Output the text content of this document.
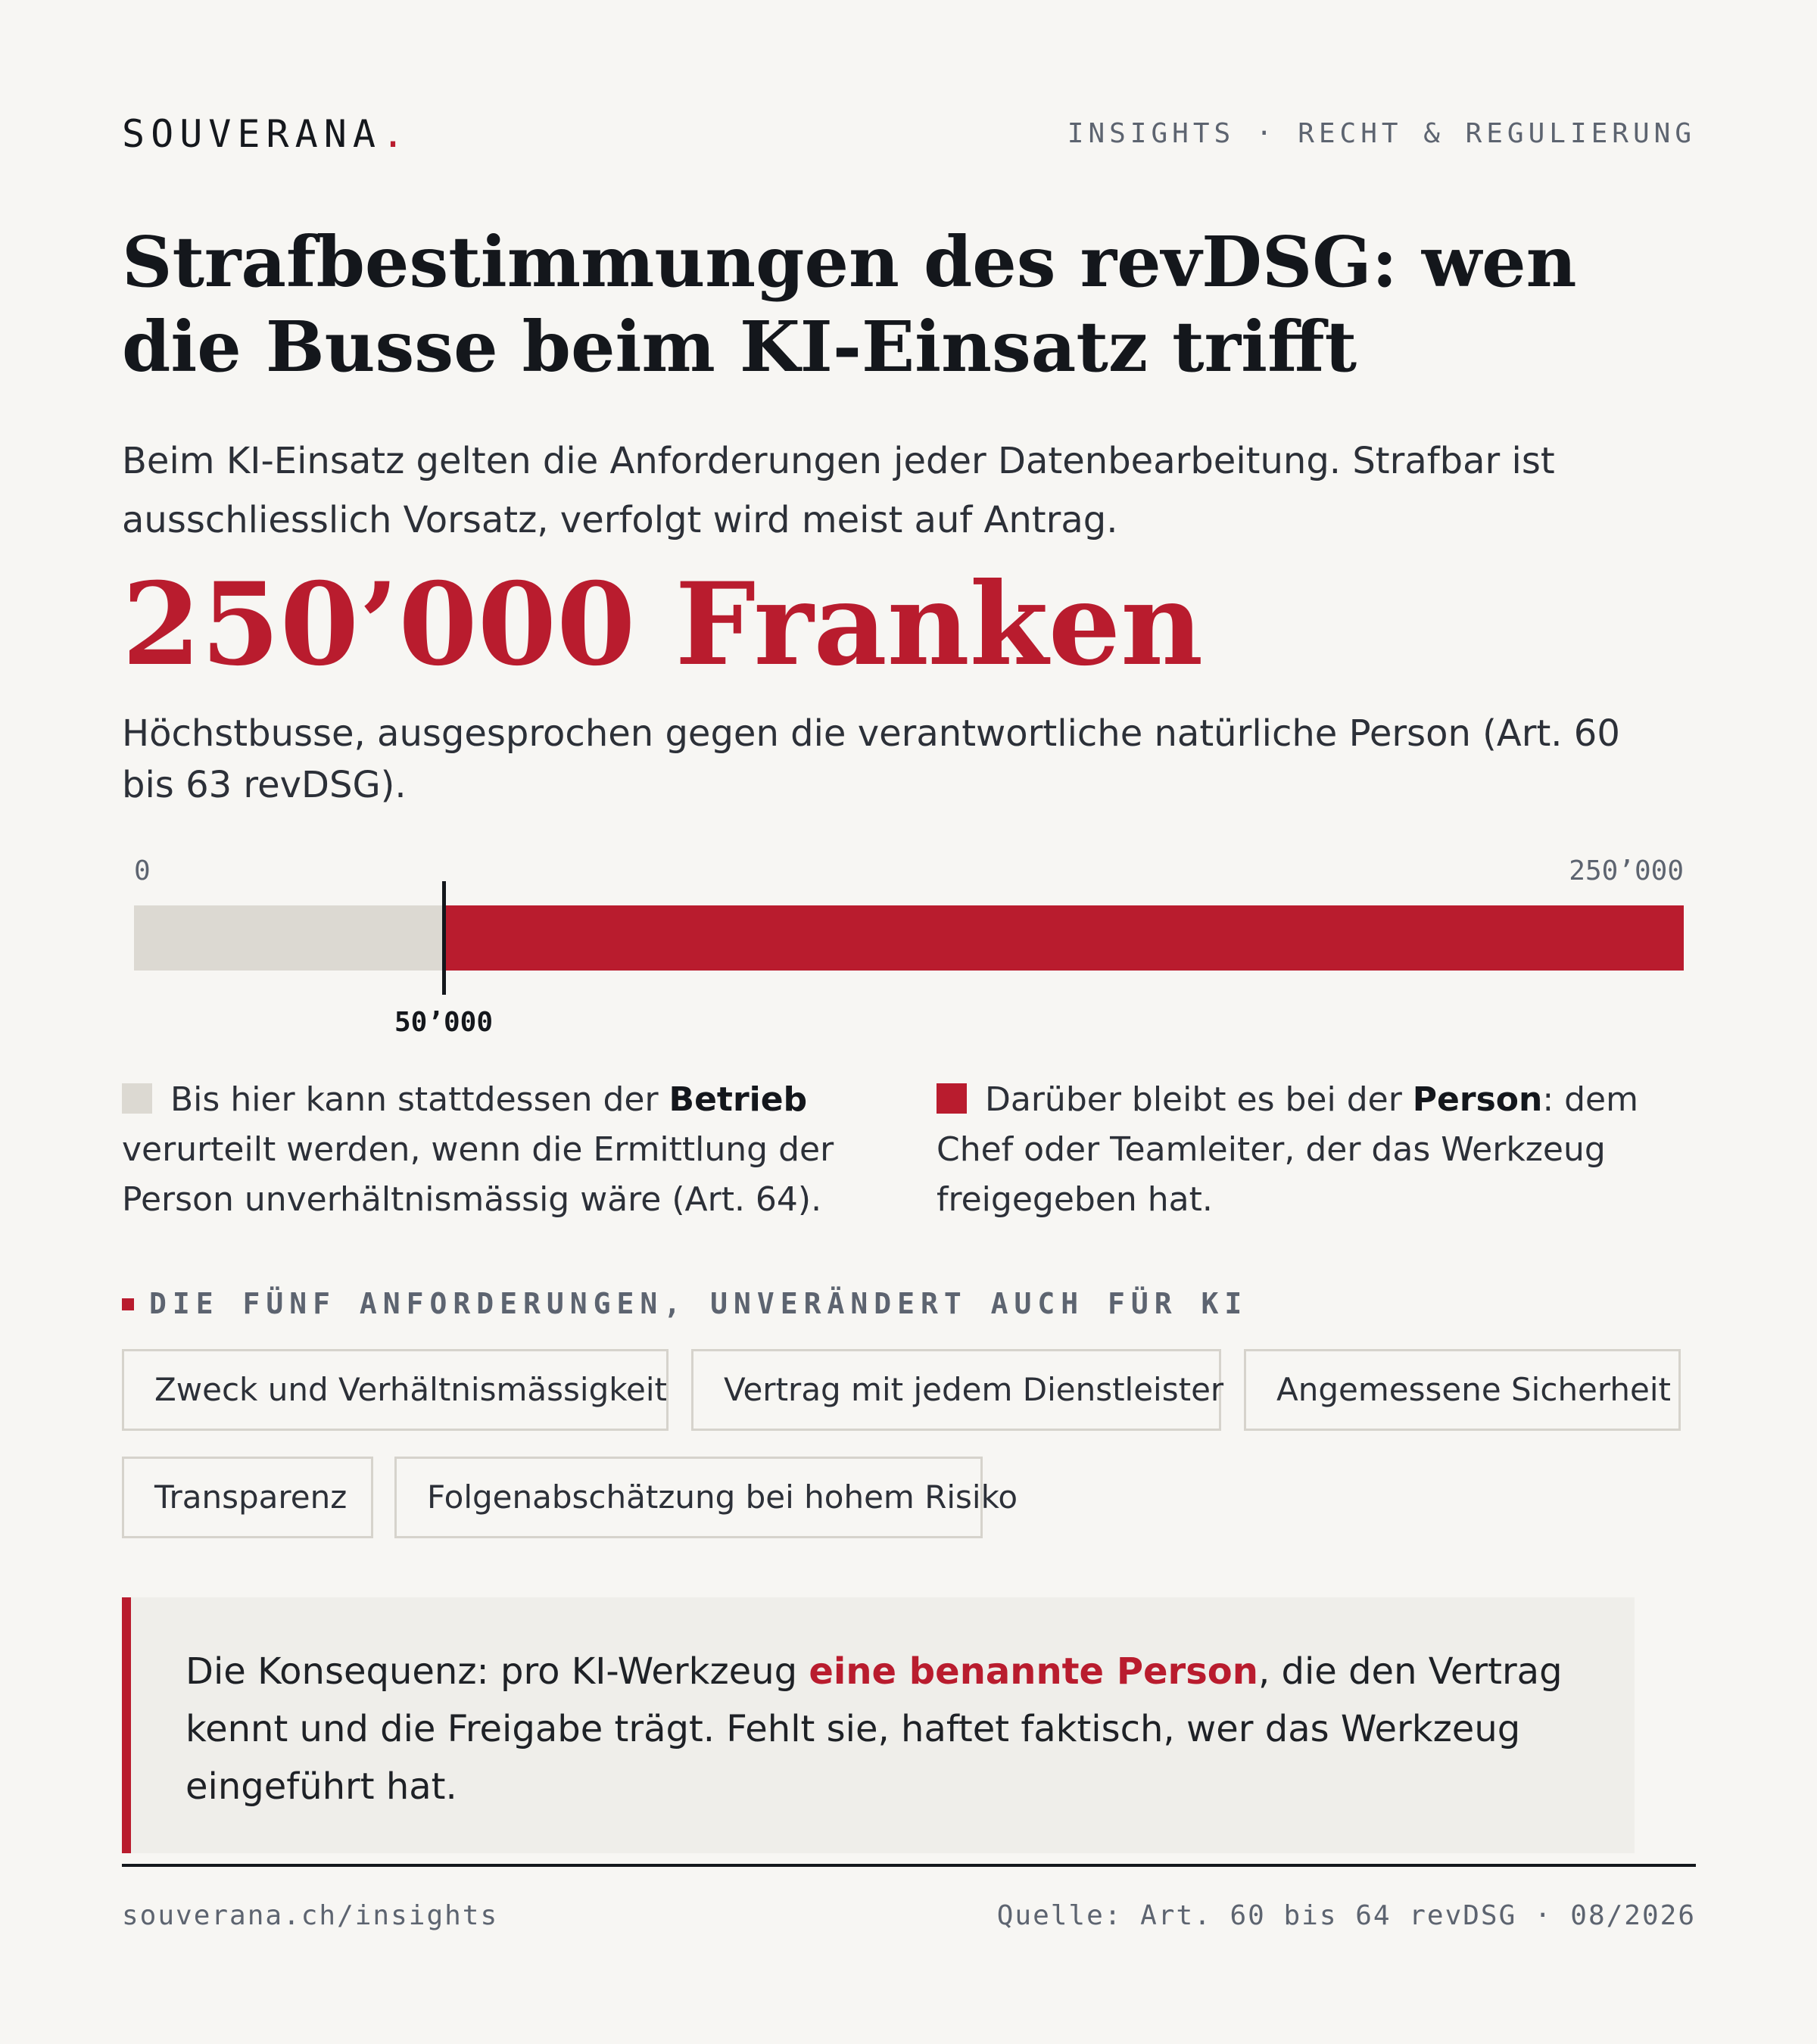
SOUVERANA.	INSIGHTS · RECHT & REGULIERUNG
Strafbestimmungen des revDSG: wen die Busse beim KI-Einsatz trifft

Beim KI-Einsatz gelten die Anforderungen jeder Datenbearbeitung. Strafbar ist ausschliesslich Vorsatz, verfolgt wird meist auf Antrag.

250’000 Franken

Höchstbusse, ausgesprochen gegen die verantwortliche natürliche Person (Art. 60 bis 63 revDSG).

0	250’000
50’000
Bis hier kann stattdessen der Betrieb verurteilt werden, wenn die Ermittlung der Person unverhältnismässig wäre (Art. 64).
Darüber bleibt es bei der Person: dem Chef oder Teamleiter, der das Werkzeug freigegeben hat.
DIE FÜNF ANFORDERUNGEN, UNVERÄNDERT AUCH FÜR KI
Zweck und Verhältnismässigkeit	Vertrag mit jedem Dienstleister	Angemessene Sicherheit
Transparenz	Folgenabschätzung bei hohem Risiko
Die Konsequenz: pro KI-Werkzeug eine benannte Person, die den Vertrag kennt und die Freigabe trägt. Fehlt sie, haftet faktisch, wer das Werkzeug eingeführt hat.
souverana.ch/insights	Quelle: Art. 60 bis 64 revDSG · 08/2026
